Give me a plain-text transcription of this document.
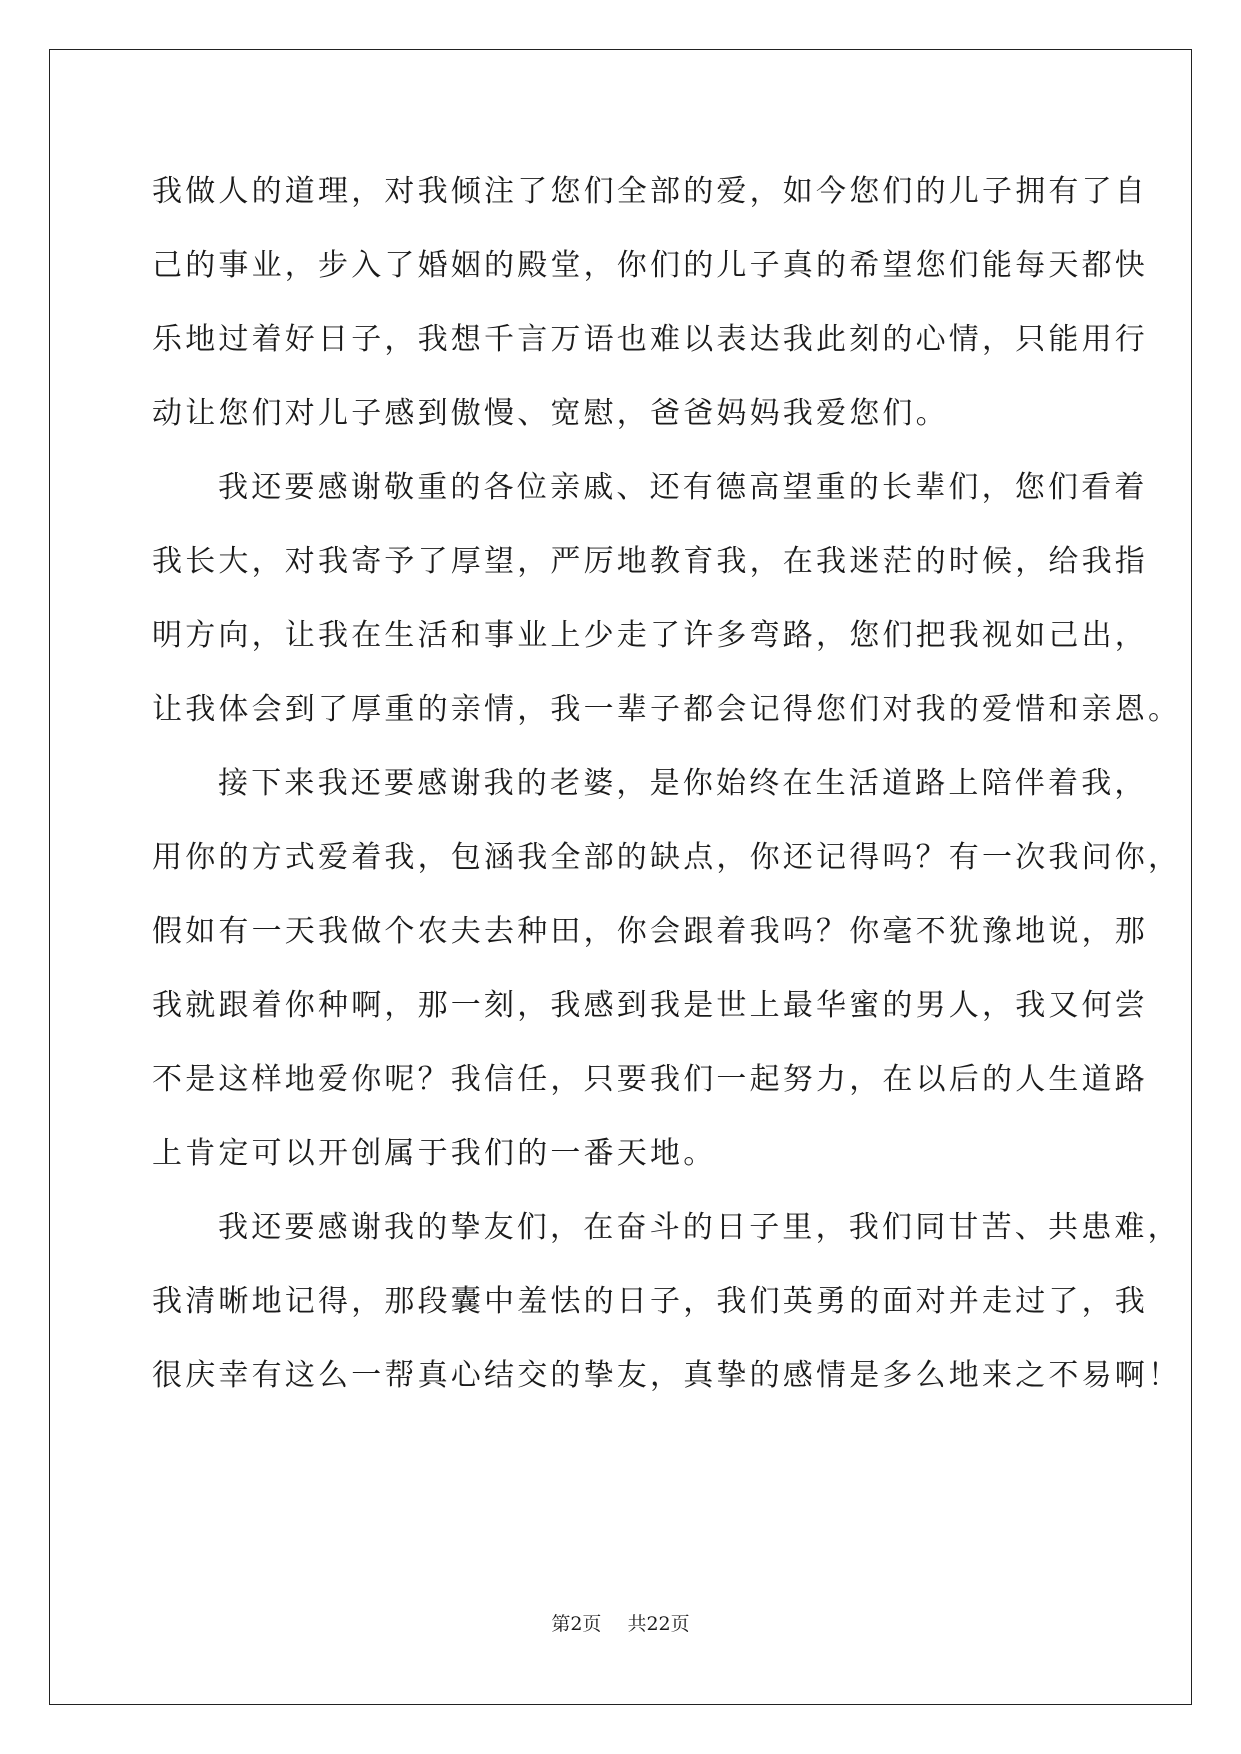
我做人的道理，对我倾注了您们全部的爱，如今您们的儿子拥有了自
己的事业，步入了婚姻的殿堂，你们的儿子真的希望您们能每天都快
乐地过着好日子，我想千言万语也难以表达我此刻的心情，只能用行
动让您们对儿子感到傲慢、宽慰，爸爸妈妈我爱您们。
我还要感谢敬重的各位亲戚、还有德高望重的长辈们，您们看着
我长大，对我寄予了厚望，严厉地教育我，在我迷茫的时候，给我指
明方向，让我在生活和事业上少走了许多弯路，您们把我视如己出，
让我体会到了厚重的亲情，我一辈子都会记得您们对我的爱惜和亲恩。
接下来我还要感谢我的老婆，是你始终在生活道路上陪伴着我，
用你的方式爱着我，包涵我全部的缺点，你还记得吗？有一次我问你，
假如有一天我做个农夫去种田，你会跟着我吗？你毫不犹豫地说，那
我就跟着你种啊，那一刻，我感到我是世上最华蜜的男人，我又何尝
不是这样地爱你呢？我信任，只要我们一起努力，在以后的人生道路
上肯定可以开创属于我们的一番天地。
我还要感谢我的挚友们，在奋斗的日子里，我们同甘苦、共患难，
我清晰地记得，那段囊中羞怯的日子，我们英勇的面对并走过了，我
很庆幸有这么一帮真心结交的挚友，真挚的感情是多么地来之不易啊！
第2页 共22页
